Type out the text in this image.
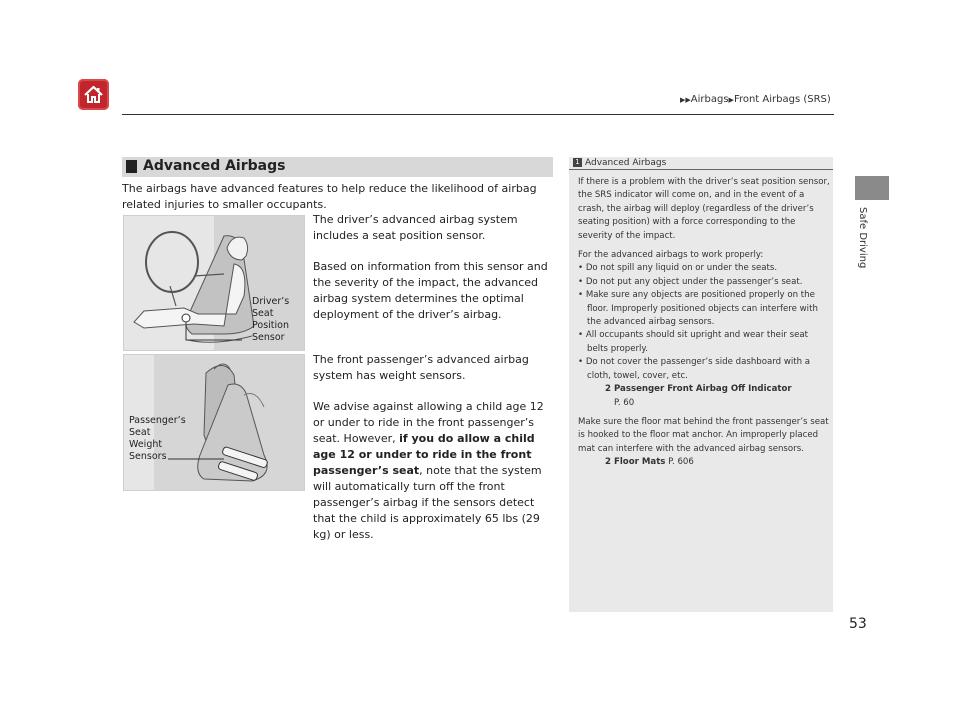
▶▶Airbags▶Front Airbags (SRS)
Safe Driving
Advanced Airbags
The airbags have advanced features to help reduce the likelihood of airbag related injuries to smaller occupants.
Driver’s
Seat
Position
Sensor
Passenger’s
Seat
Weight
Sensors
The driver’s advanced airbag system includes a seat position sensor.
Based on information from this sensor and the severity of the impact, the advanced airbag system determines the optimal deployment of the driver’s airbag.
The front passenger’s advanced airbag system has weight sensors.
We advise against allowing a child age 12 or under to ride in the front passenger’s seat. However, if you do allow a child age 12 or under to ride in the front passenger’s seat, note that the system will automatically turn off the front passenger’s airbag if the sensors detect that the child is approximately 65 lbs (29 kg) or less.
1 Advanced Airbags

If there is a problem with the driver’s seat position sensor, the SRS indicator will come on, and in the event of a crash, the airbag will deploy (regardless of the driver’s seating position) with a force corresponding to the severity of the impact.

For the advanced airbags to work properly:

• Do not spill any liquid on or under the seats.

• Do not put any object under the passenger’s seat.

• Make sure any objects are positioned properly on the floor. Improperly positioned objects can interfere with the advanced airbag sensors.

• All occupants should sit upright and wear their seat belts properly.

• Do not cover the passenger’s side dashboard with a cloth, towel, cover, etc.

2 Passenger Front Airbag Off Indicator

P. 60

Make sure the floor mat behind the front passenger’s seat is hooked to the floor mat anchor. An improperly placed mat can interfere with the advanced airbag sensors.

2 Floor Mats P. 606

53
